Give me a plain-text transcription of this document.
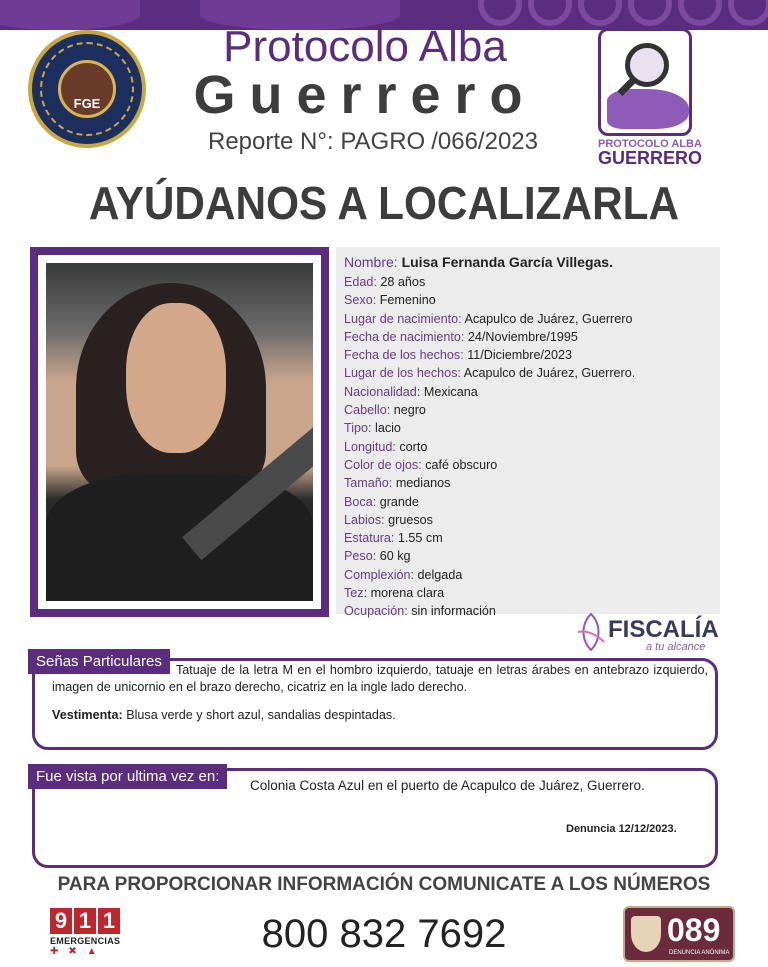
FGE
Protocolo Alba
Guerrero
Reporte N°: PAGRO /066/2023	PROTOCOLO ALBA
GUERRERO
AYÚDANOS A LOCALIZARLA
Nombre: Luisa Fernanda García Villegas.
Edad: 28 años
Sexo: Femenino
Lugar de nacimiento: Acapulco de Juárez, Guerrero
Fecha de nacimiento: 24/Noviembre/1995
Fecha de los hechos: 11/Diciembre/2023
Lugar de los hechos: Acapulco de Juárez, Guerrero.
Nacionalidad: Mexicana
Cabello: negro
Tipo: lacio
Longitud: corto
Color de ojos: café obscuro
Tamaño: medianos
Boca: grande
Labios: gruesos
Estatura: 1.55 cm
Peso: 60 kg
Complexión: delgada
Tez: morena clara
Ocupación: sin información
FISCALÍA
a tu alcance
Señas Particulares	Tatuaje de la letra M en el hombro izquierdo, tatuaje en letras árabes en antebrazo izquierdo, imagen de unicornio en el brazo derecho, cicatriz en la ingle lado derecho.
Vestimenta: Blusa verde y short azul, sandalias despintadas.
Fue vista por ultima vez en:
Colonia Costa Azul en el puerto de Acapulco de Juárez, Guerrero.
Denuncia 12/12/2023.
PARA PROPORCIONAR INFORMACIÓN COMUNICATE A LOS NÚMEROS
9 1 1
EMERGENCIAS
✚✖▲	800 832 7692	089
DENUNCIA ANÓNIMA
